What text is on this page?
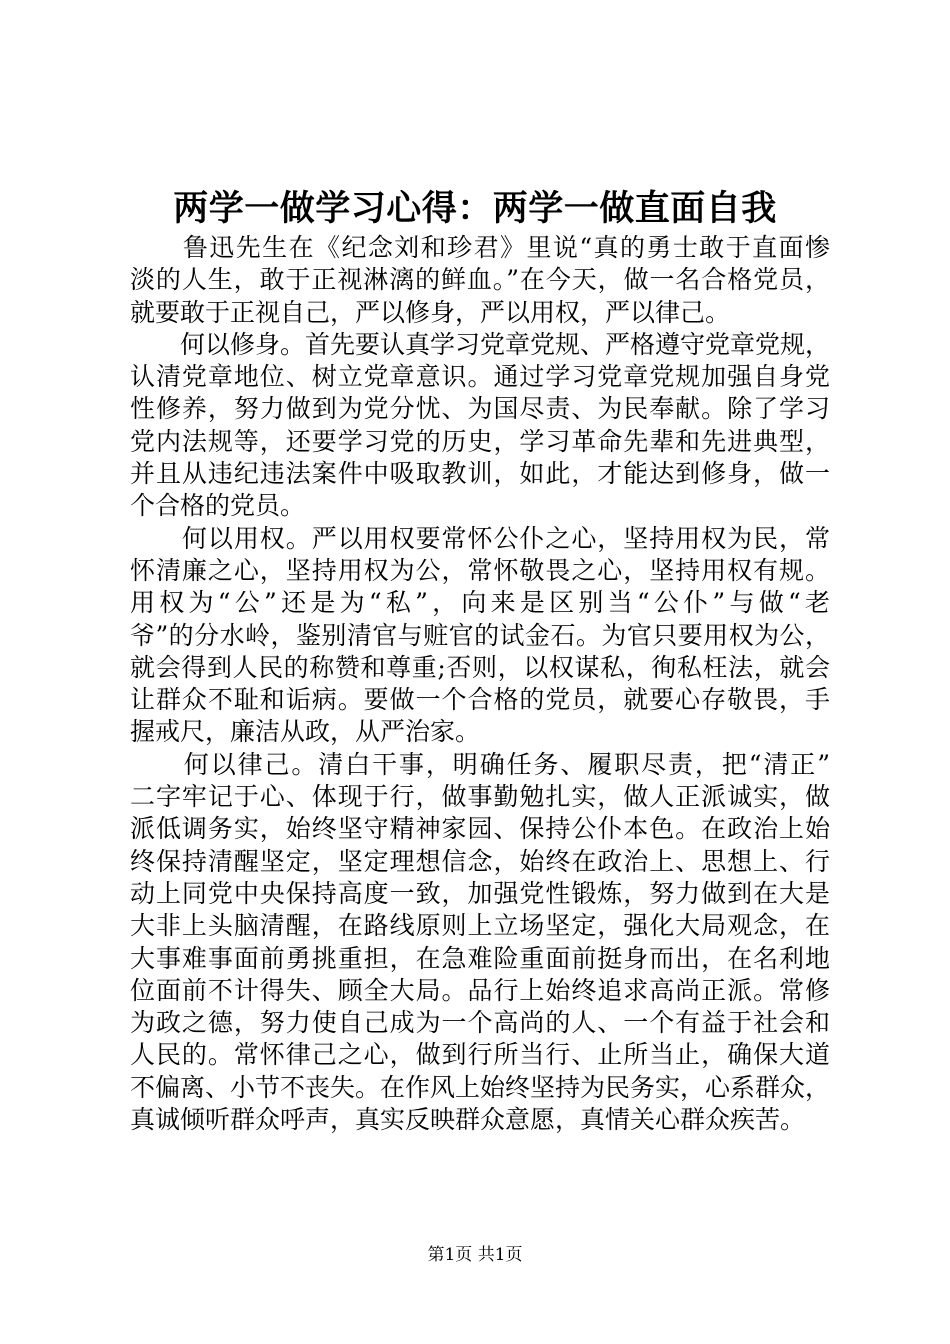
两学一做学习心得：两学一做直面自我
　　鲁迅先生在《纪念刘和珍君》里说“真的勇士敢于直面惨
淡的人生，敢于正视淋漓的鲜血。”在今天，做一名合格党员，
就要敢于正视自己，严以修身，严以用权，严以律己。
　　何以修身。首先要认真学习党章党规、严格遵守党章党规，
认清党章地位、树立党章意识。通过学习党章党规加强自身党
性修养，努力做到为党分忧、为国尽责、为民奉献。除了学习
党内法规等，还要学习党的历史，学习革命先辈和先进典型，
并且从违纪违法案件中吸取教训，如此，才能达到修身，做一
个合格的党员。
　　何以用权。严以用权要常怀公仆之心，坚持用权为民，常
怀清廉之心，坚持用权为公，常怀敬畏之心，坚持用权有规。
用权为“公”还是为“私”，向来是区别当“公仆”与做“老
爷”的分水岭，鉴别清官与赃官的试金石。为官只要用权为公，
就会得到人民的称赞和尊重;否则，以权谋私，徇私枉法，就会
让群众不耻和诟病。要做一个合格的党员，就要心存敬畏，手
握戒尺，廉洁从政，从严治家。
　　何以律己。清白干事，明确任务、履职尽责，把“清正”
二字牢记于心、体现于行，做事勤勉扎实，做人正派诚实，做
派低调务实，始终坚守精神家园、保持公仆本色。在政治上始
终保持清醒坚定，坚定理想信念，始终在政治上、思想上、行
动上同党中央保持高度一致，加强党性锻炼，努力做到在大是
大非上头脑清醒，在路线原则上立场坚定，强化大局观念，在
大事难事面前勇挑重担，在急难险重面前挺身而出，在名利地
位面前不计得失、顾全大局。品行上始终追求高尚正派。常修
为政之德，努力使自己成为一个高尚的人、一个有益于社会和
人民的。常怀律己之心，做到行所当行、止所当止，确保大道
不偏离、小节不丧失。在作风上始终坚持为民务实，心系群众，
真诚倾听群众呼声，真实反映群众意愿，真情关心群众疾苦。
第1页 共1页
